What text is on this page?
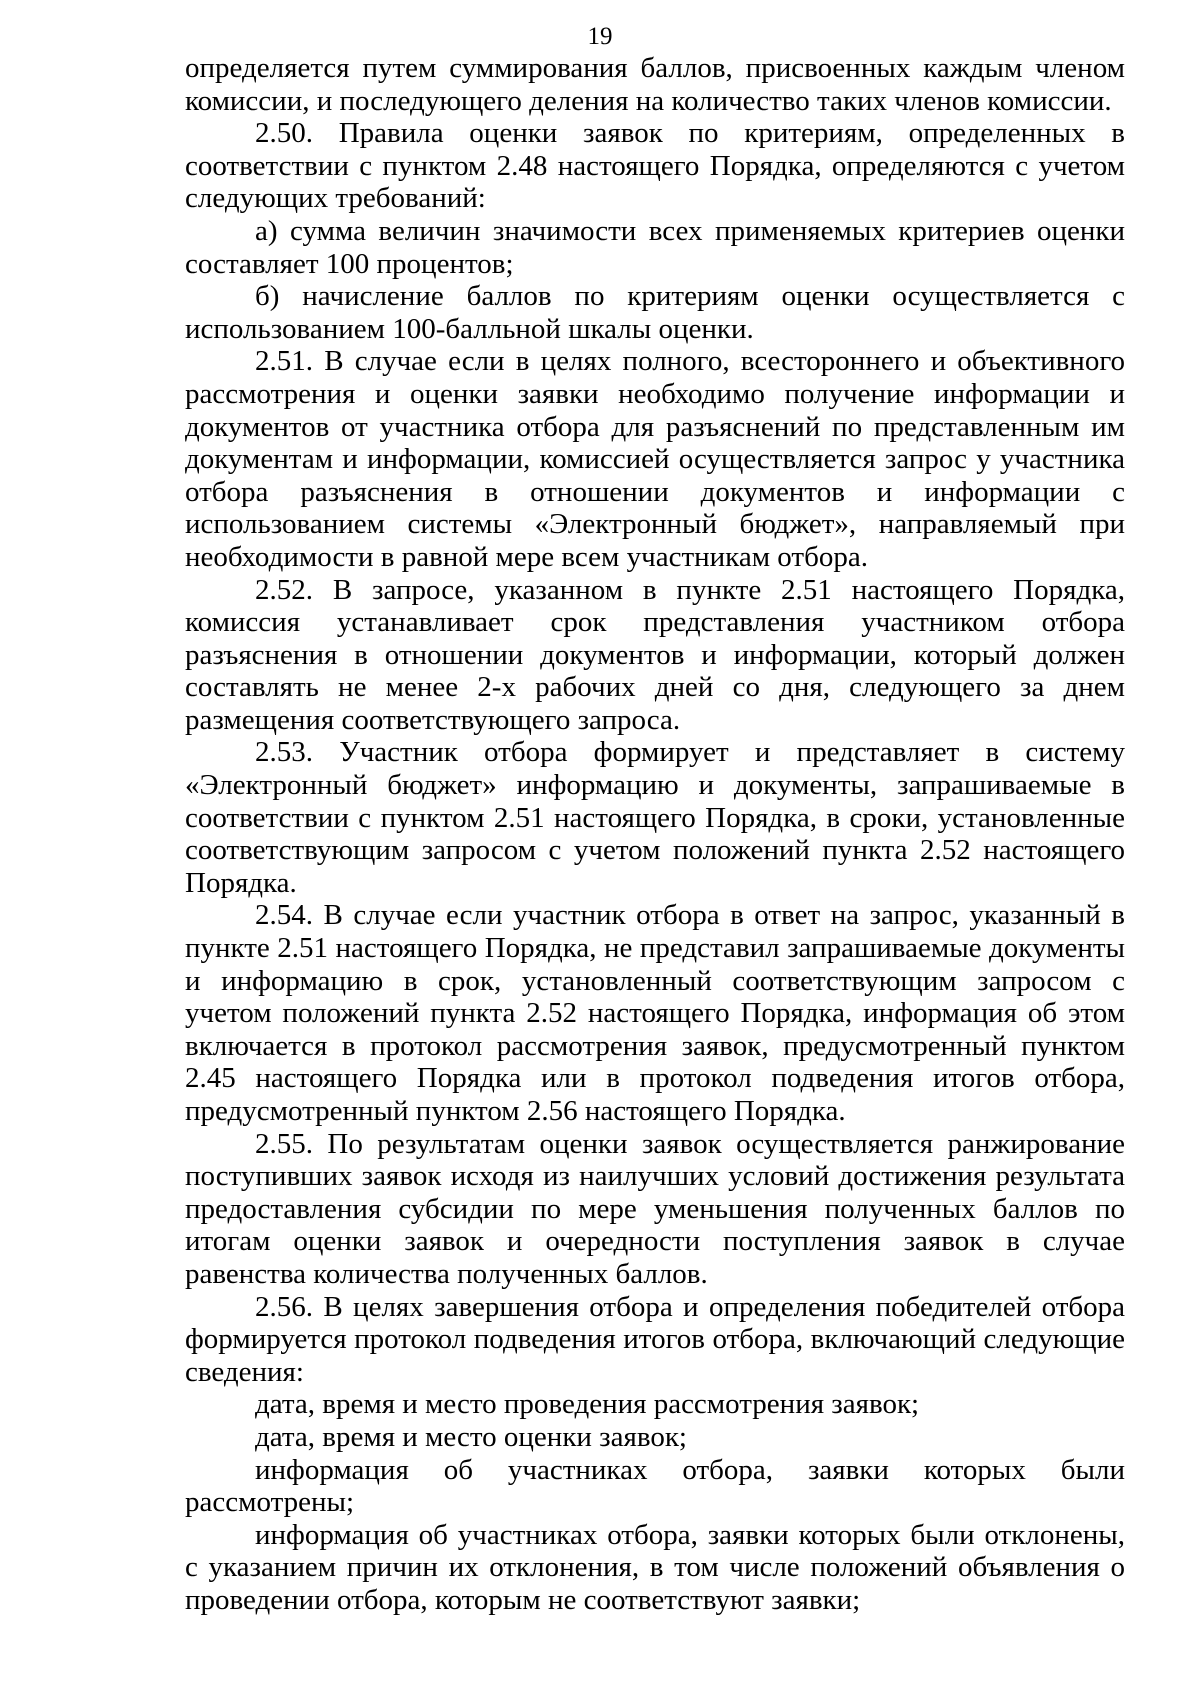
19

определяется путем суммирования баллов, присвоенных каждым членом комиссии, и последующего деления на количество таких членов комиссии.

2.50. Правила оценки заявок по критериям, определенных в соответствии с пунктом 2.48 настоящего Порядка, определяются с учетом следующих требований:

а) сумма величин значимости всех применяемых критериев оценки составляет 100 процентов;

б) начисление баллов по критериям оценки осуществляется с использованием 100-балльной шкалы оценки.

2.51. В случае если в целях полного, всестороннего и объективного рассмотрения и оценки заявки необходимо получение информации и документов от участника отбора для разъяснений по представленным им документам и информации, комиссией осуществляется запрос у участника отбора разъяснения в отношении документов и информации с использованием системы «Электронный бюджет», направляемый при необходимости в равной мере всем участникам отбора.

2.52. В запросе, указанном в пункте 2.51 настоящего Порядка, комиссия устанавливает срок представления участником отбора разъяснения в отношении документов и информации, который должен составлять не менее 2-х рабочих дней со дня, следующего за днем размещения соответствующего запроса.

2.53. Участник отбора формирует и представляет в систему «Электронный бюджет» информацию и документы, запрашиваемые в соответствии с пунктом 2.51 настоящего Порядка, в сроки, установленные соответствующим запросом с учетом положений пункта 2.52 настоящего Порядка.

2.54. В случае если участник отбора в ответ на запрос, указанный в пункте 2.51 настоящего Порядка, не представил запрашиваемые документы и информацию в срок, установленный соответствующим запросом с учетом положений пункта 2.52 настоящего Порядка, информация об этом включается в протокол рассмотрения заявок, предусмотренный пунктом 2.45 настоящего Порядка или в протокол подведения итогов отбора, предусмотренный пунктом 2.56 настоящего Порядка.

2.55. По результатам оценки заявок осуществляется ранжирование поступивших заявок исходя из наилучших условий достижения результата предоставления субсидии по мере уменьшения полученных баллов по итогам оценки заявок и очередности поступления заявок в случае равенства количества полученных баллов.

2.56. В целях завершения отбора и определения победителей отбора формируется протокол подведения итогов отбора, включающий следующие сведения:

дата, время и место проведения рассмотрения заявок;

дата, время и место оценки заявок;

информация об участниках отбора, заявки которых были рассмотрены;

информация об участниках отбора, заявки которых были отклонены, с указанием причин их отклонения, в том числе положений объявления о проведении отбора, которым не соответствуют заявки;
